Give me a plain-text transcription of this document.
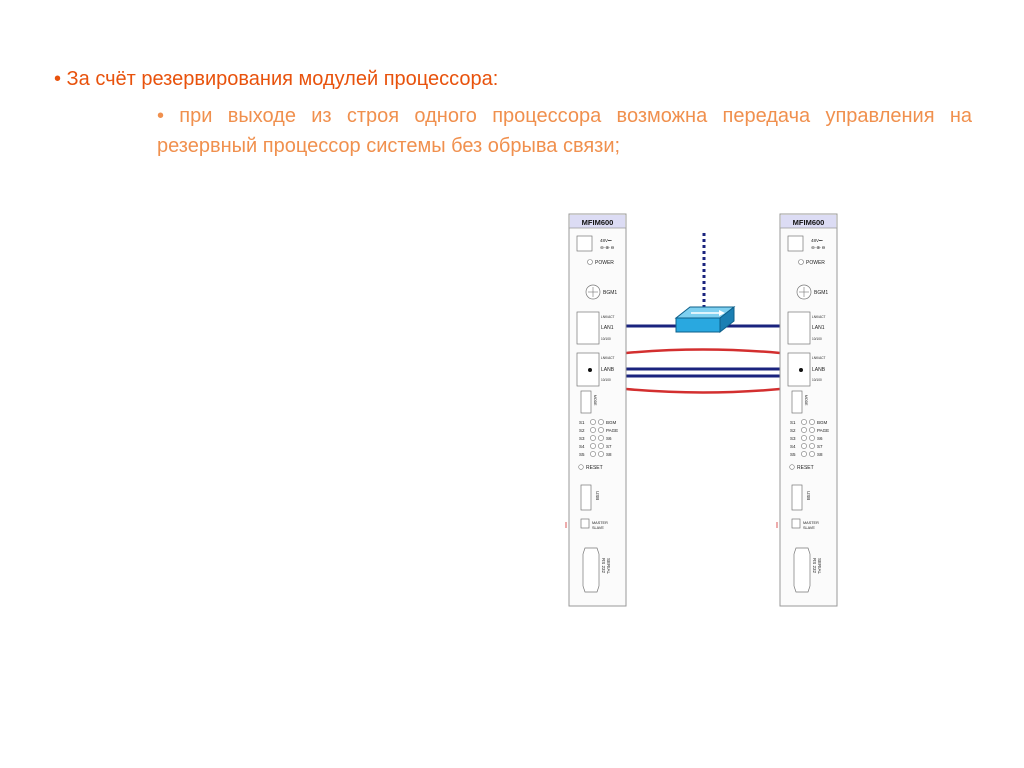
• За счёт резервирования модулей процессора:
• при выходе из строя одного процессора возможна передача управления на резервный процессор системы без обрыва связи;
MFIM600
48V⎓
⊖·⊕·⊖
POWER
BGM1
LNK/ACT
LAN1
10/100
LNK/ACT
LANB
10/100
MODE
S1	BGM
S2	PAGE
S3	S6
S4	S7
S5	S8
RESET
USB
MASTER
SLAVE
SERIAL
RS 232
MFIM600
48V⎓
⊖·⊕·⊖
POWER
BGM1
LNK/ACT
LAN1
10/100
LNK/ACT
LANB
10/100
MODE
S1	BGM
S2	PAGE
S3	S6
S4	S7
S5	S8
RESET
USB
MASTER
SLAVE
SERIAL
RS 232
